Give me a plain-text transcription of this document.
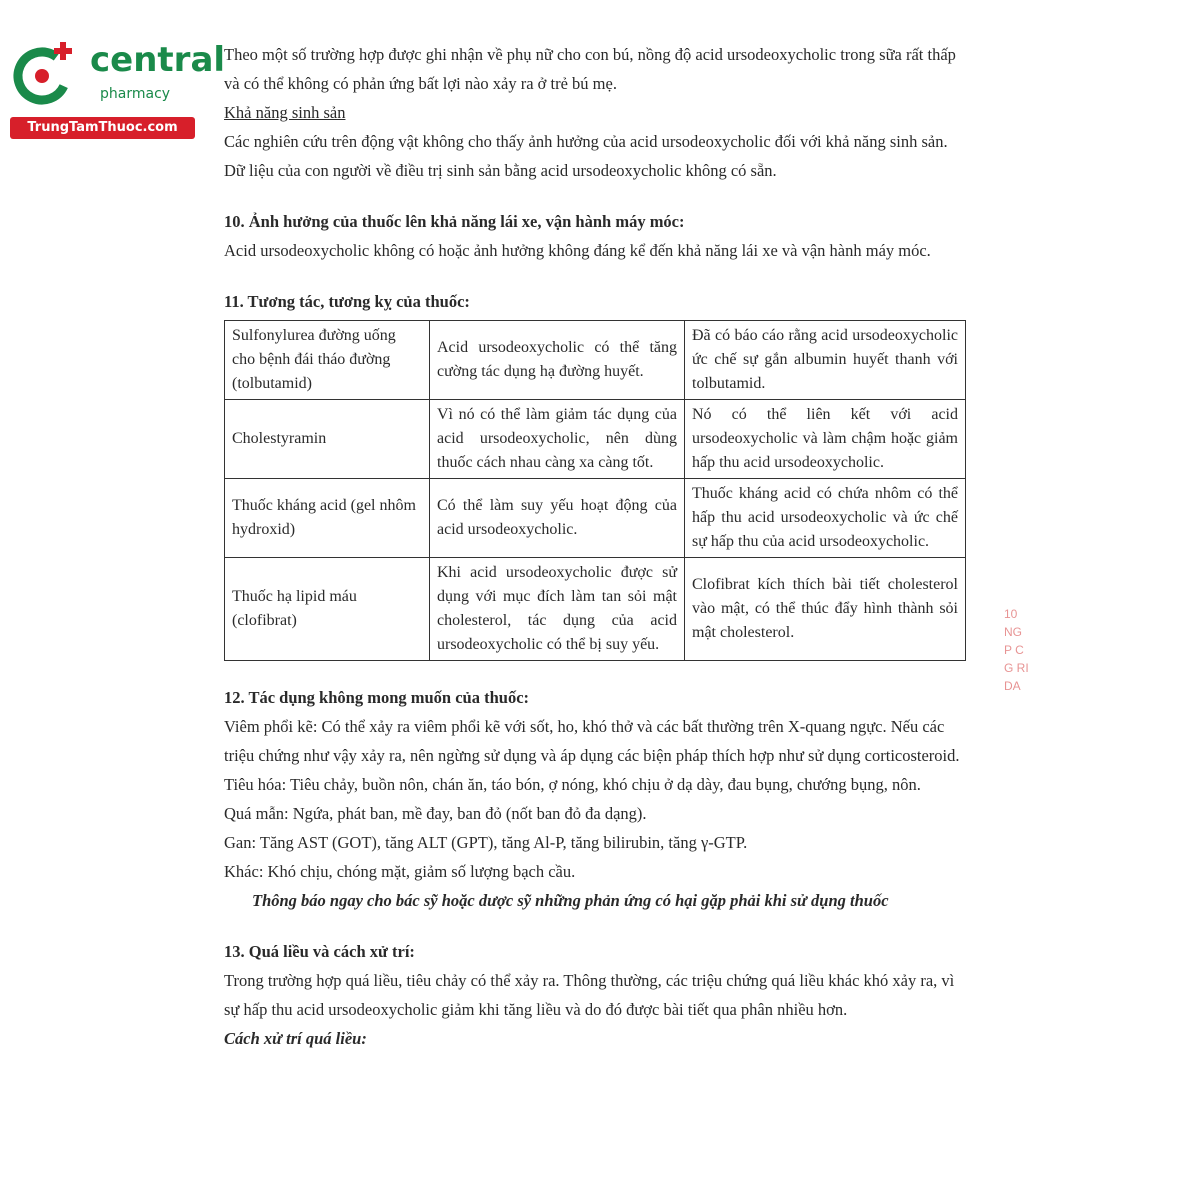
central
pharmacy
TrungTamThuoc.com
10 NG P C G RI DA

Theo một số trường hợp được ghi nhận về phụ nữ cho con bú, nồng độ acid ursodeoxycholic trong sữa rất thấp và có thể không có phản ứng bất lợi nào xảy ra ở trẻ bú mẹ.

Khả năng sinh sản

Các nghiên cứu trên động vật không cho thấy ảnh hưởng của acid ursodeoxycholic đối với khả năng sinh sản. Dữ liệu của con người về điều trị sinh sản bằng acid ursodeoxycholic không có sẵn.

10. Ảnh hưởng của thuốc lên khả năng lái xe, vận hành máy móc:

Acid ursodeoxycholic không có hoặc ảnh hưởng không đáng kể đến khả năng lái xe và vận hành máy móc.

11. Tương tác, tương kỵ của thuốc:

Sulfonylurea đường uống cho bệnh đái tháo đường (tolbutamid)	Acid ursodeoxycholic có thể tăng cường tác dụng hạ đường huyết.	Đã có báo cáo rằng acid ursodeoxycholic ức chế sự gắn albumin huyết thanh với tolbutamid.
Cholestyramin	Vì nó có thể làm giảm tác dụng của acid ursodeoxycholic, nên dùng thuốc cách nhau càng xa càng tốt.	Nó có thể liên kết với acid ursodeoxycholic và làm chậm hoặc giảm hấp thu acid ursodeoxycholic.
Thuốc kháng acid (gel nhôm hydroxid)	Có thể làm suy yếu hoạt động của acid ursodeoxycholic.	Thuốc kháng acid có chứa nhôm có thể hấp thu acid ursodeoxycholic và ức chế sự hấp thu của acid ursodeoxycholic.
Thuốc hạ lipid máu (clofibrat)	Khi acid ursodeoxycholic được sử dụng với mục đích làm tan sỏi mật cholesterol, tác dụng của acid ursodeoxycholic có thể bị suy yếu.	Clofibrat kích thích bài tiết cholesterol vào mật, có thể thúc đẩy hình thành sỏi mật cholesterol.

12. Tác dụng không mong muốn của thuốc:

Viêm phổi kẽ: Có thể xảy ra viêm phổi kẽ với sốt, ho, khó thở và các bất thường trên X-quang ngực. Nếu các triệu chứng như vậy xảy ra, nên ngừng sử dụng và áp dụng các biện pháp thích hợp như sử dụng corticosteroid.

Tiêu hóa: Tiêu chảy, buồn nôn, chán ăn, táo bón, ợ nóng, khó chịu ở dạ dày, đau bụng, chướng bụng, nôn.

Quá mẫn: Ngứa, phát ban, mề đay, ban đỏ (nốt ban đỏ đa dạng).

Gan: Tăng AST (GOT), tăng ALT (GPT), tăng Al-P, tăng bilirubin, tăng γ-GTP.

Khác: Khó chịu, chóng mặt, giảm số lượng bạch cầu.

Thông báo ngay cho bác sỹ hoặc dược sỹ những phản ứng có hại gặp phải khi sử dụng thuốc

13. Quá liều và cách xử trí:

Trong trường hợp quá liều, tiêu chảy có thể xảy ra. Thông thường, các triệu chứng quá liều khác khó xảy ra, vì sự hấp thu acid ursodeoxycholic giảm khi tăng liều và do đó được bài tiết qua phân nhiều hơn.

Cách xử trí quá liều:
